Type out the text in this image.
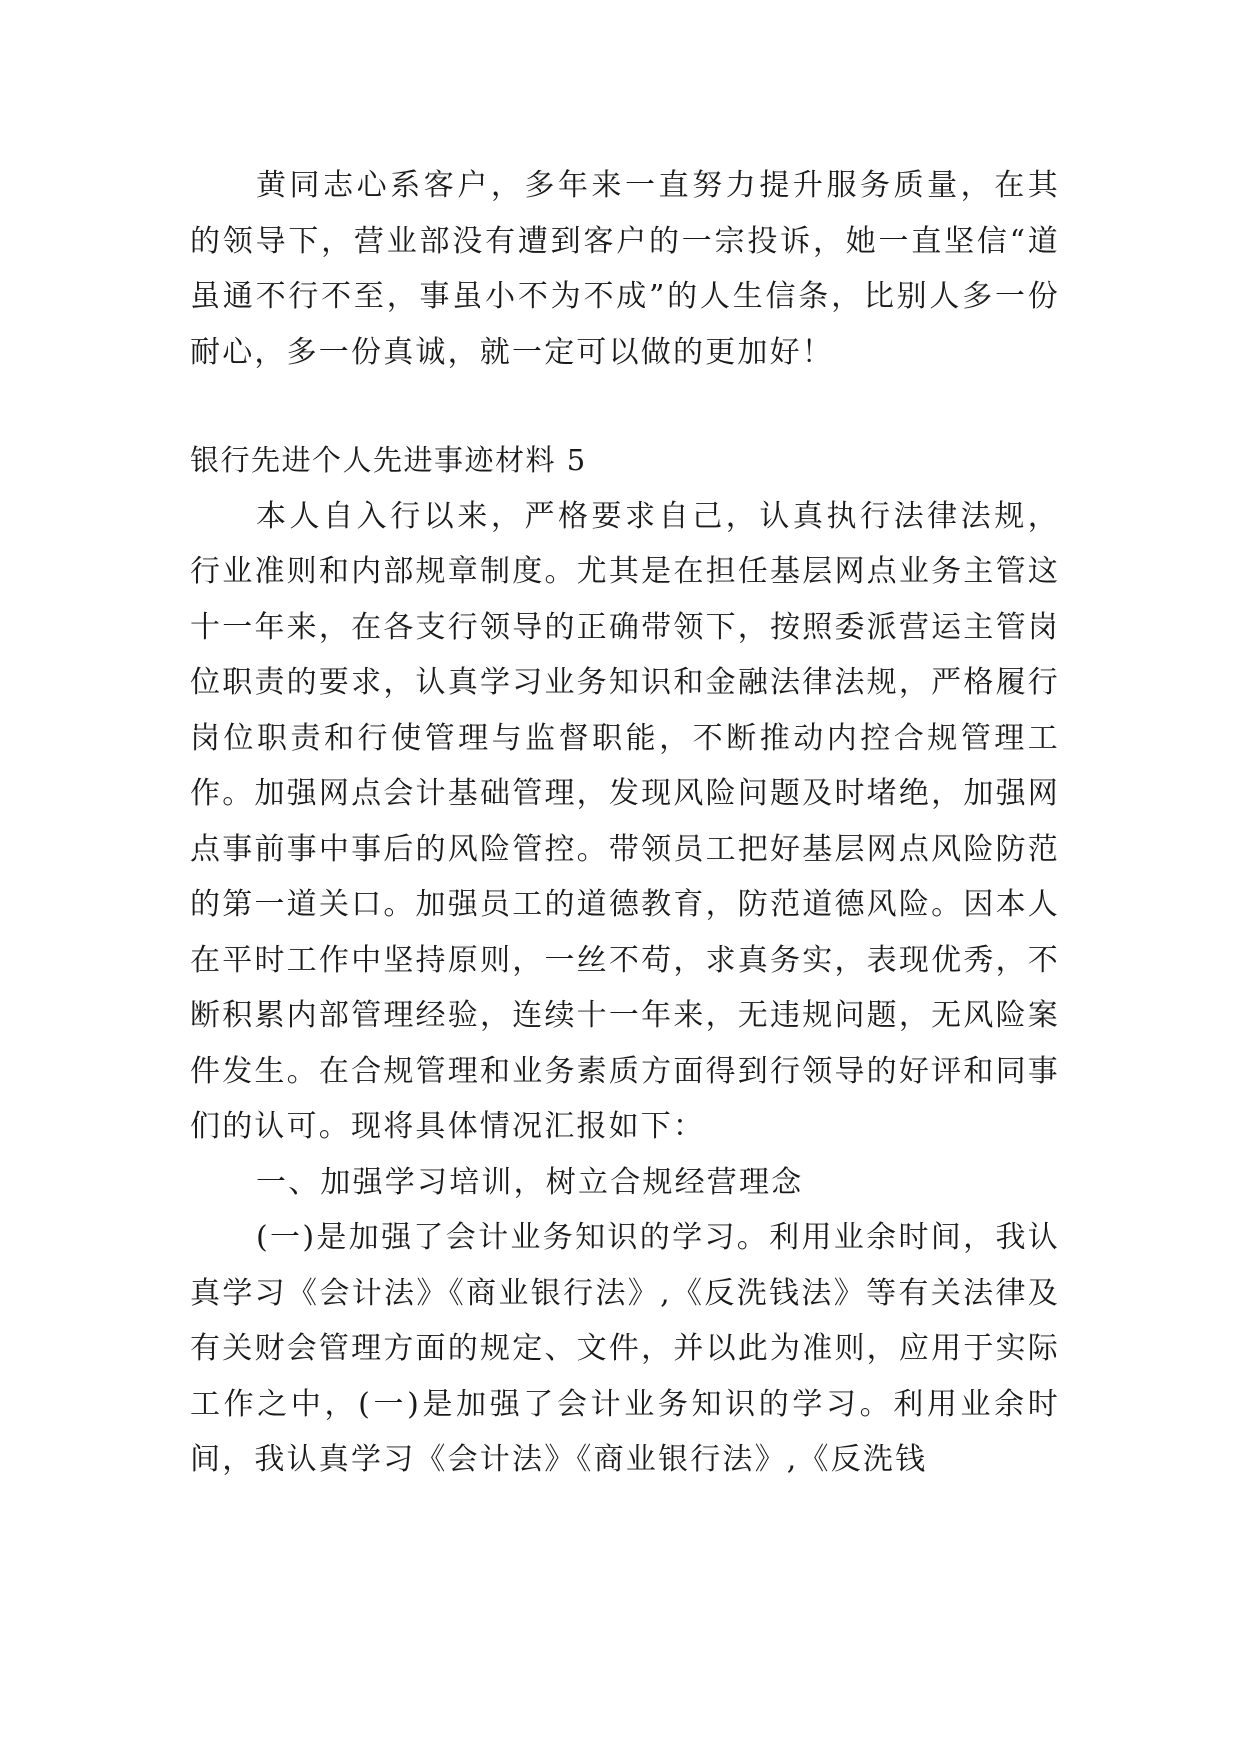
黄同志心系客户，多年来一直努力提升服务质量，在其的领导下，营业部没有遭到客户的一宗投诉，她一直坚信“道虽通不行不至，事虽小不为不成”的人生信条，比别人多一份耐心，多一份真诚，就一定可以做的更加好！

银行先进个人先进事迹材料 5

本人自入行以来，严格要求自己，认真执行法律法规，行业准则和内部规章制度。尤其是在担任基层网点业务主管这十一年来，在各支行领导的正确带领下，按照委派营运主管岗位职责的要求，认真学习业务知识和金融法律法规，严格履行岗位职责和行使管理与监督职能，不断推动内控合规管理工作。加强网点会计基础管理，发现风险问题及时堵绝，加强网点事前事中事后的风险管控。带领员工把好基层网点风险防范的第一道关口。加强员工的道德教育，防范道德风险。因本人在平时工作中坚持原则，一丝不苟，求真务实，表现优秀，不断积累内部管理经验，连续十一年来，无违规问题，无风险案件发生。在合规管理和业务素质方面得到行领导的好评和同事们的认可。现将具体情况汇报如下：

一、加强学习培训，树立合规经营理念

(一)是加强了会计业务知识的学习。利用业余时间，我认真学习《会计法》《商业银行法》,《反洗钱法》等有关法律及有关财会管理方面的规定、文件，并以此为准则，应用于实际工作之中，(一)是加强了会计业务知识的学习。利用业余时间，我认真学习《会计法》《商业银行法》,《反洗钱
